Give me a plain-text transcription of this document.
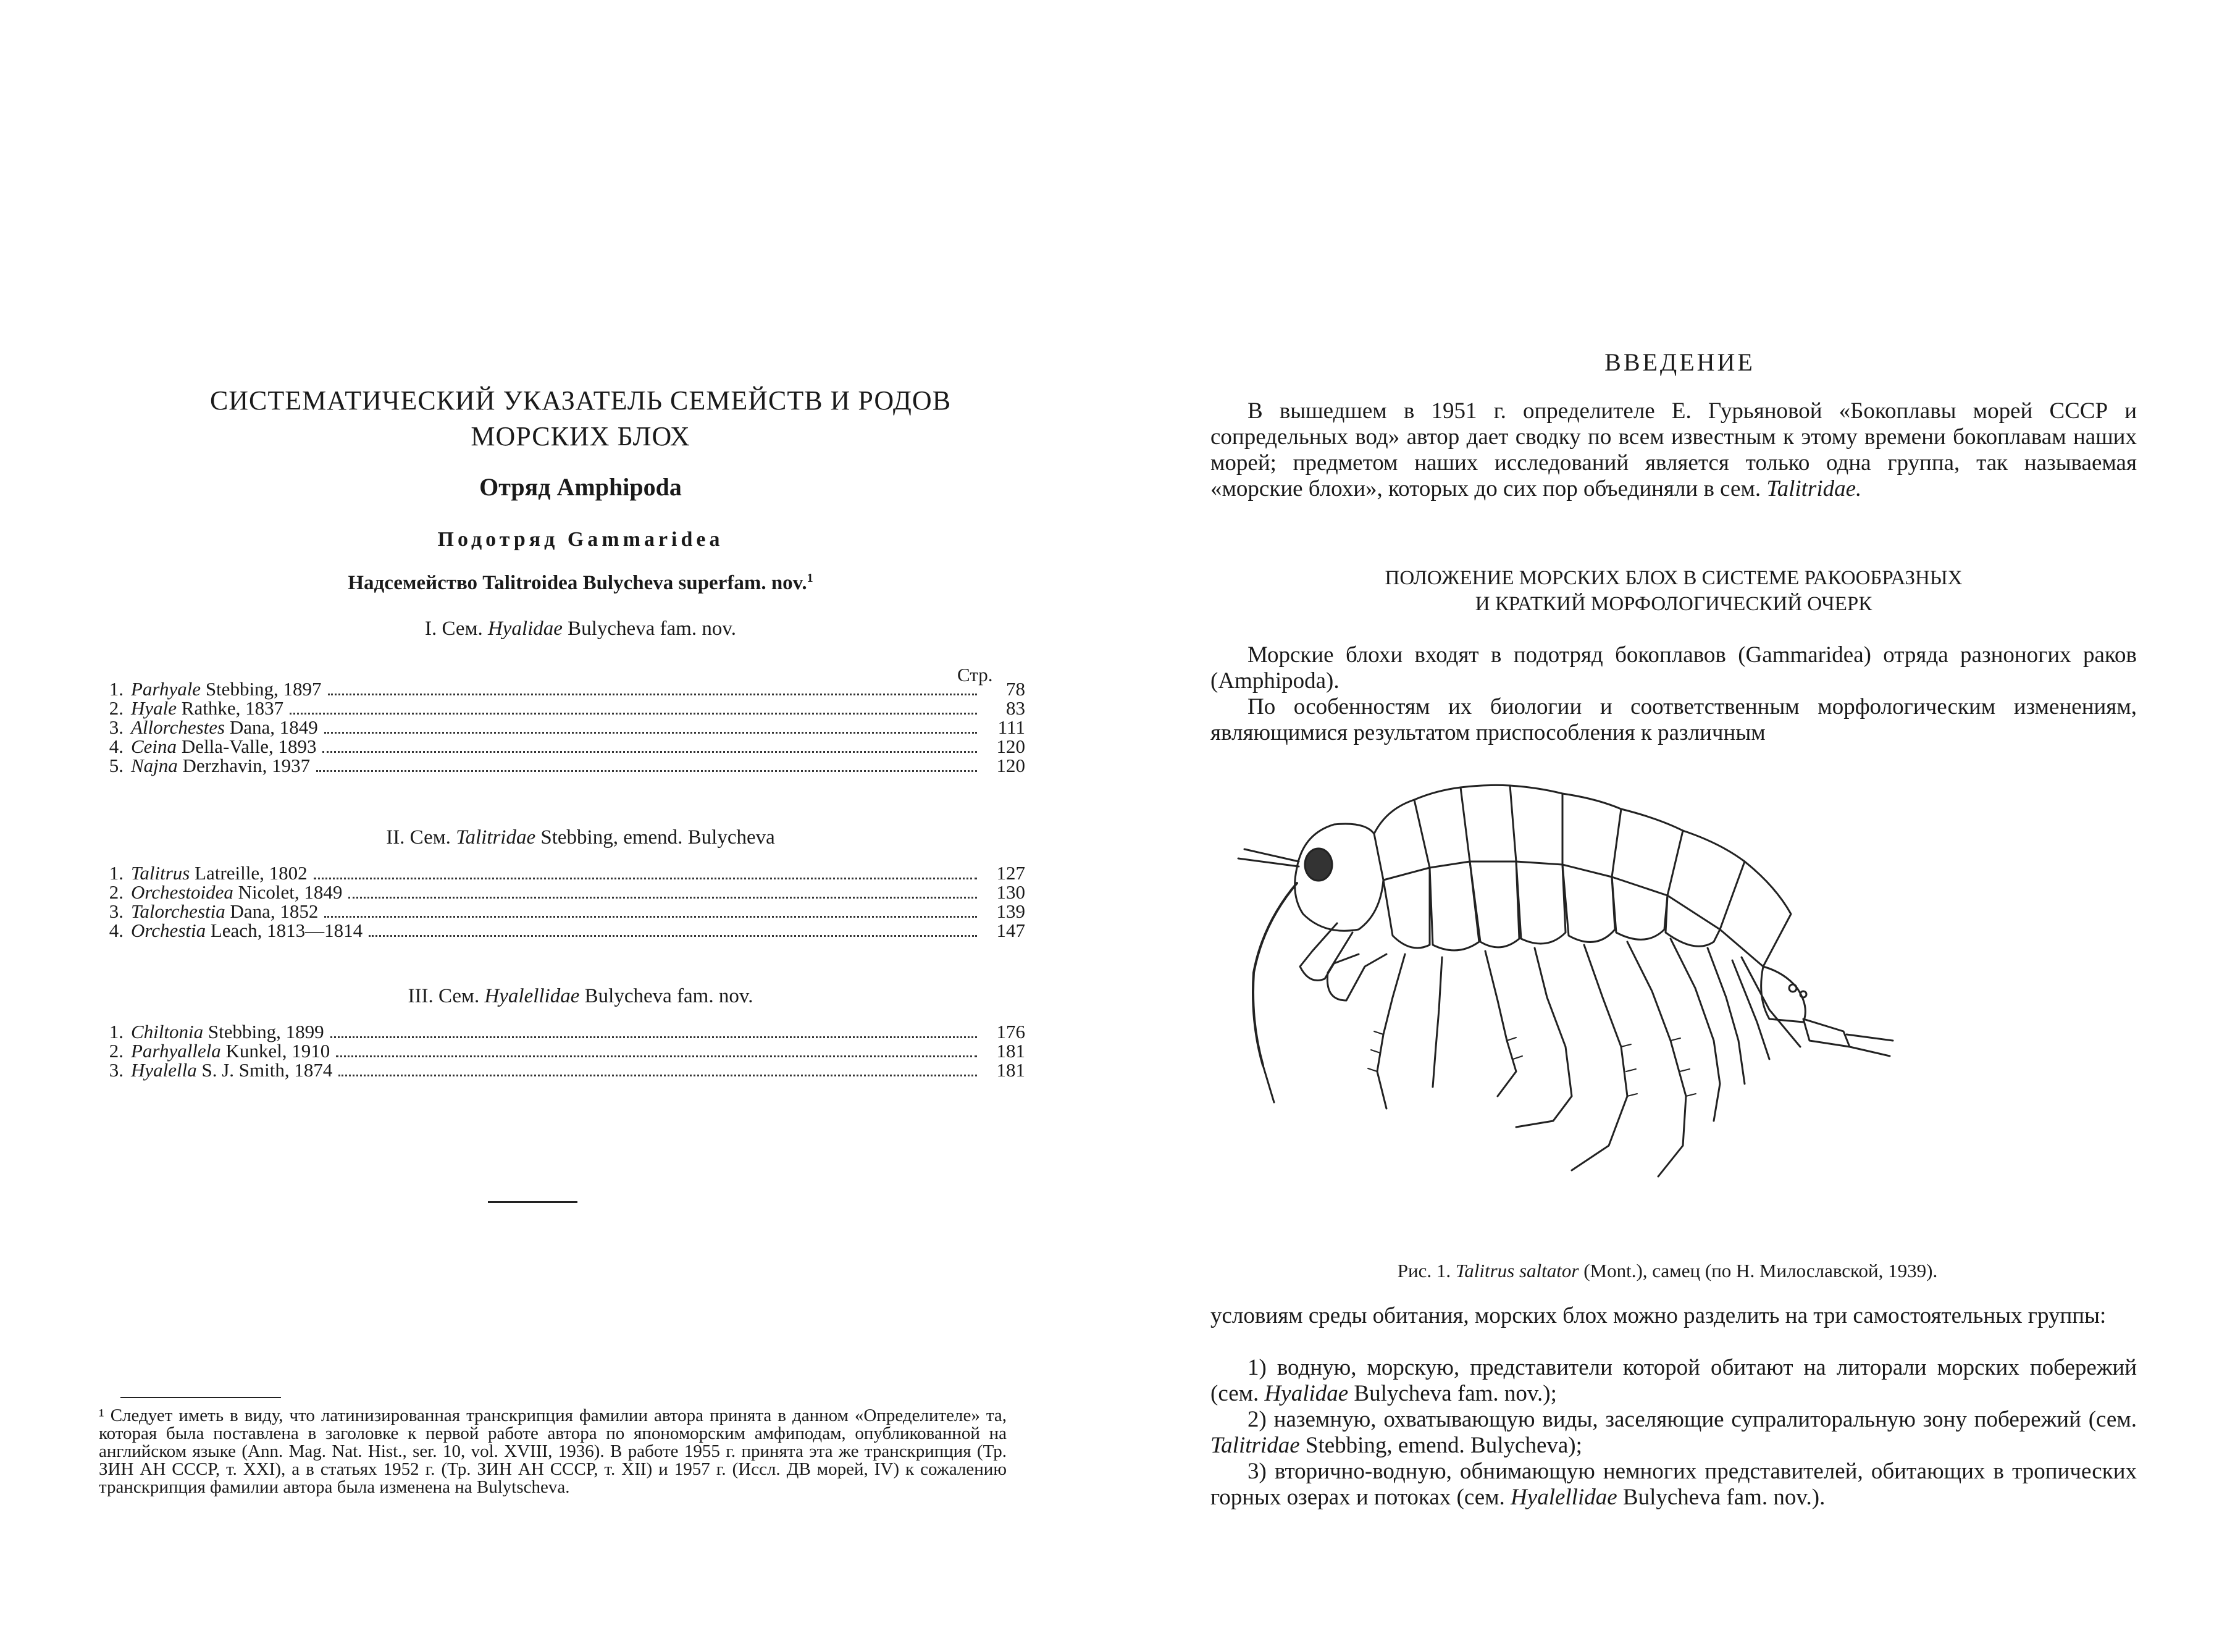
СИСТЕМАТИЧЕСКИЙ УКАЗАТЕЛЬ СЕМЕЙСТВ И РОДОВ
МОРСКИХ БЛОХ
Отряд Amphipoda
Подотряд Gammaridea
Надсемейство Talitroidea Bulycheva superfam. nov.$^1$
I. Сем. Hyalidae Bulycheva fam. nov.
Стр.
1. Parhyale Stebbing, 1897	78
2. Hyale Rathke, 1837	83
3. Allorchestes Dana, 1849	111
4. Ceina Della-Valle, 1893	120
5. Najna Derzhavin, 1937	120
II. Сем. Talitridae Stebbing, emend. Bulycheva
1. Talitrus Latreille, 1802	127
2. Orchestoidea Nicolet, 1849	130
3. Talorchestia Dana, 1852	139
4. Orchestia Leach, 1813—1814	147
III. Сем. Hyalellidae Bulycheva fam. nov.
1. Chiltonia Stebbing, 1899	176
2. Parhyallela Kunkel, 1910	181
3. Hyalella S. J. Smith, 1874	181
¹ Следует иметь в виду, что латинизированная транскрипция фамилии автора принята в данном «Определителе» та, которая была поставлена в заголовке к первой работе автора по япономорским амфиподам, опубликованной на английском языке (Ann. Mag. Nat. Hist., ser. 10, vol. XVIII, 1936). В работе 1955 г. принята эта же транскрипция (Тр. ЗИН АН СССР, т. XXI), а в статьях 1952 г. (Тр. ЗИН АН СССР, т. XII) и 1957 г. (Иссл. ДВ морей, IV) к сожалению транскрипция фамилии автора была изменена на Bulytscheva.
ВВЕДЕНИЕ
В вышедшем в 1951 г. определителе Е. Гурьяновой «Бокоплавы морей СССР и сопредельных вод» автор дает сводку по всем известным к этому времени бокоплавам наших морей; предметом наших исследований является только одна группа, так называемая «морские блохи», которых до сих пор объединяли в сем. Talitridae.
ПОЛОЖЕНИЕ МОРСКИХ БЛОХ В СИСТЕМЕ РАКООБРАЗНЫХ
И КРАТКИЙ МОРФОЛОГИЧЕСКИЙ ОЧЕРК
Морские блохи входят в подотряд бокоплавов (Gammaridea) отряда разноногих раков (Amphipoda).
По особенностям их биологии и соответственным морфологическим изменениям, являющимися результатом приспособления к различным
Рис. 1. Talitrus saltator (Mont.), самец (по Н. Милославской, 1939).
условиям среды обитания, морских блох можно разделить на три самостоятельных группы:
1) водную, морскую, представители которой обитают на литорали морских побережий (сем. Hyalidae Bulycheva fam. nov.);
2) наземную, охватывающую виды, заселяющие супралиторальную зону побережий (сем. Talitridae Stebbing, emend. Bulycheva);
3) вторично-водную, обнимающую немногих представителей, обитающих в тропических горных озерах и потоках (сем. Hyalellidae Bulycheva fam. nov.).
